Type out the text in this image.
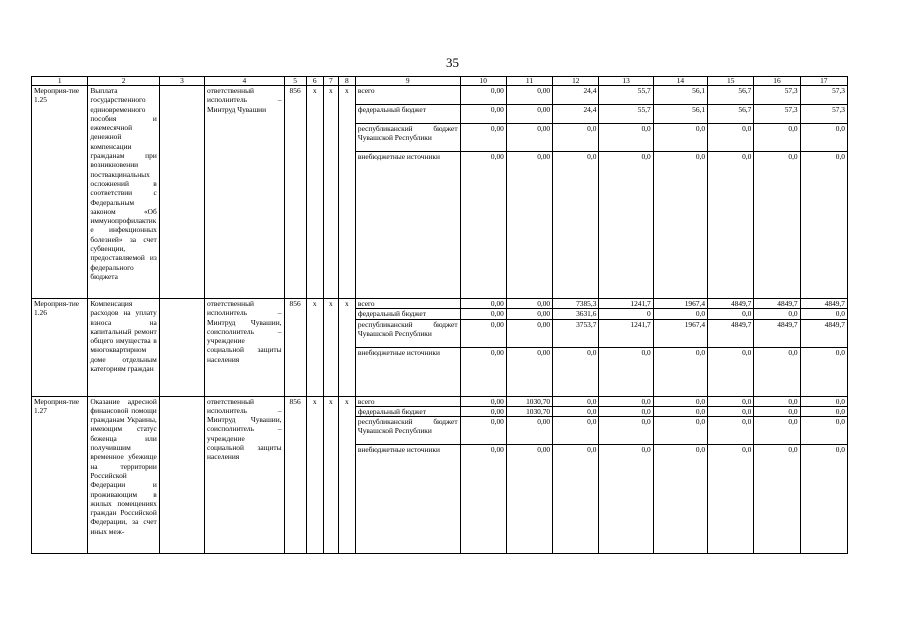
35
1	2	3	4	5	6	7	8	9	10	11	12	13	14	15	16	17
Мероприя-тие 1.25	Выплата государственного единовременного пособия и ежемесячной денежной компенсации гражданам при возникновении поствакцинальных осложнений в соответствии с Федеральным законом «Об иммунопрофилактике инфекционных болезней» за счет субвенции, предоставляемой из федерального бюджета		ответственный исполнитель – Минтруд Чувашии	856	x	x	x	всего	0,00	0,00	24,4	55,7	56,1	56,7	57,3	57,3
								федеральный бюджет	0,00	0,00	24,4	55,7	56,1	56,7	57,3	57,3
								республиканский бюджет Чувашской Республики	0,00	0,00	0,0	0,0	0,0	0,0	0,0	0,0
								внебюджетные источники	0,00	0,00	0,0	0,0	0,0	0,0	0,0	0,0
Мероприя-тие 1.26	Компенсация расходов на уплату взноса на капитальный ремонт общего имущества в многоквартирном доме отдельным категориям граждан		ответственный исполнитель – Минтруд Чувашии, соисполнитель – учреждение социальной защиты населения	856	x	x	x	всего	0,00	0,00	7385,3	1241,7	1967,4	4849,7	4849,7	4849,7
								федеральный бюджет	0,00	0,00	3631,6	0	0,0	0,0	0,0	0,0
								республиканский бюджет Чувашской Республики	0,00	0,00	3753,7	1241,7	1967,4	4849,7	4849,7	4849,7
								внебюджетные источники	0,00	0,00	0,0	0,0	0,0	0,0	0,0	0,0
Мероприя-тие 1.27	Оказание адресной финансовой помощи гражданам Украины, имеющим статус беженца или получившим временное убежище на территории Российской Федерации и проживающим в жилых помещениях граждан Российской Федерации, за счет иных меж-		ответственный исполнитель – Минтруд Чувашии, соисполнитель – учреждение социальной защиты населения	856	x	x	x	всего	0,00	1030,70	0,0	0,0	0,0	0,0	0,0	0,0
								федеральный бюджет	0,00	1030,70	0,0	0,0	0,0	0,0	0,0	0,0
								республиканский бюджет Чувашской Республики	0,00	0,00	0,0	0,0	0,0	0,0	0,0	0,0
								внебюджетные источники	0,00	0,00	0,0	0,0	0,0	0,0	0,0	0,0
